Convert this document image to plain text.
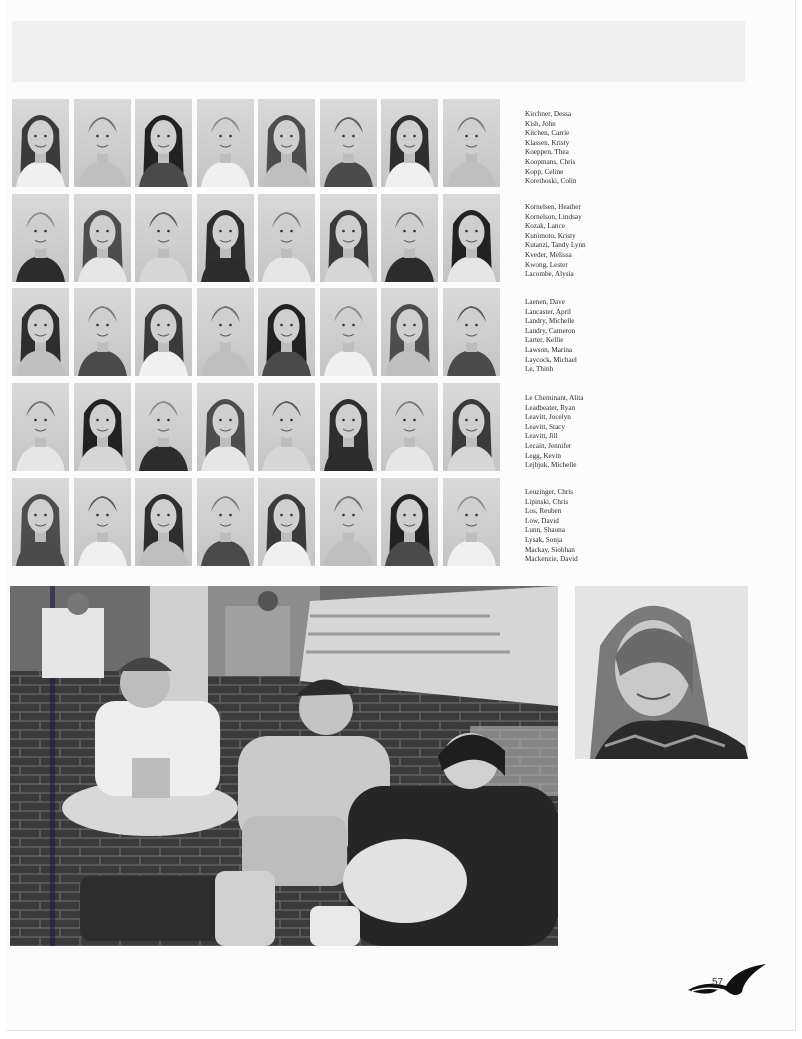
Kirchner, Dessa
Kish, John
Kitchen, Carrie
Klassen, Kristy
Koeppen, Thea
Koopmans, Chris
Kopp, Celine
Korethoski, Colin
Kornelsen, Heather
Kornelson, Lindsay
Kozak, Lance
Kunimoto, Kristy
Kutanzi, Tandy Lynn
Kveder, Melissa
Kwong, Lester
Lacombe, Alysia
Laenen, Dave
Lancaster, April
Landry, Michelle
Landry, Cameron
Larter, Kellie
Lawson, Marina
Laycock, Michael
Le, Thinh
Le Cheminant, Alita
Leadbeater, Ryan
Leavitt, Jocelyn
Leavitt, Stacy
Leavitt, Jill
Lecain, Jennifer
Legg, Kevin
Lejbjuk, Michelle
Leuzinger, Chris
Lipinski, Chris
Los, Reuben
Low, David
Lunn, Shauna
Lysak, Sonja
Mackay, Siobhan
Mackenzie, David
57
